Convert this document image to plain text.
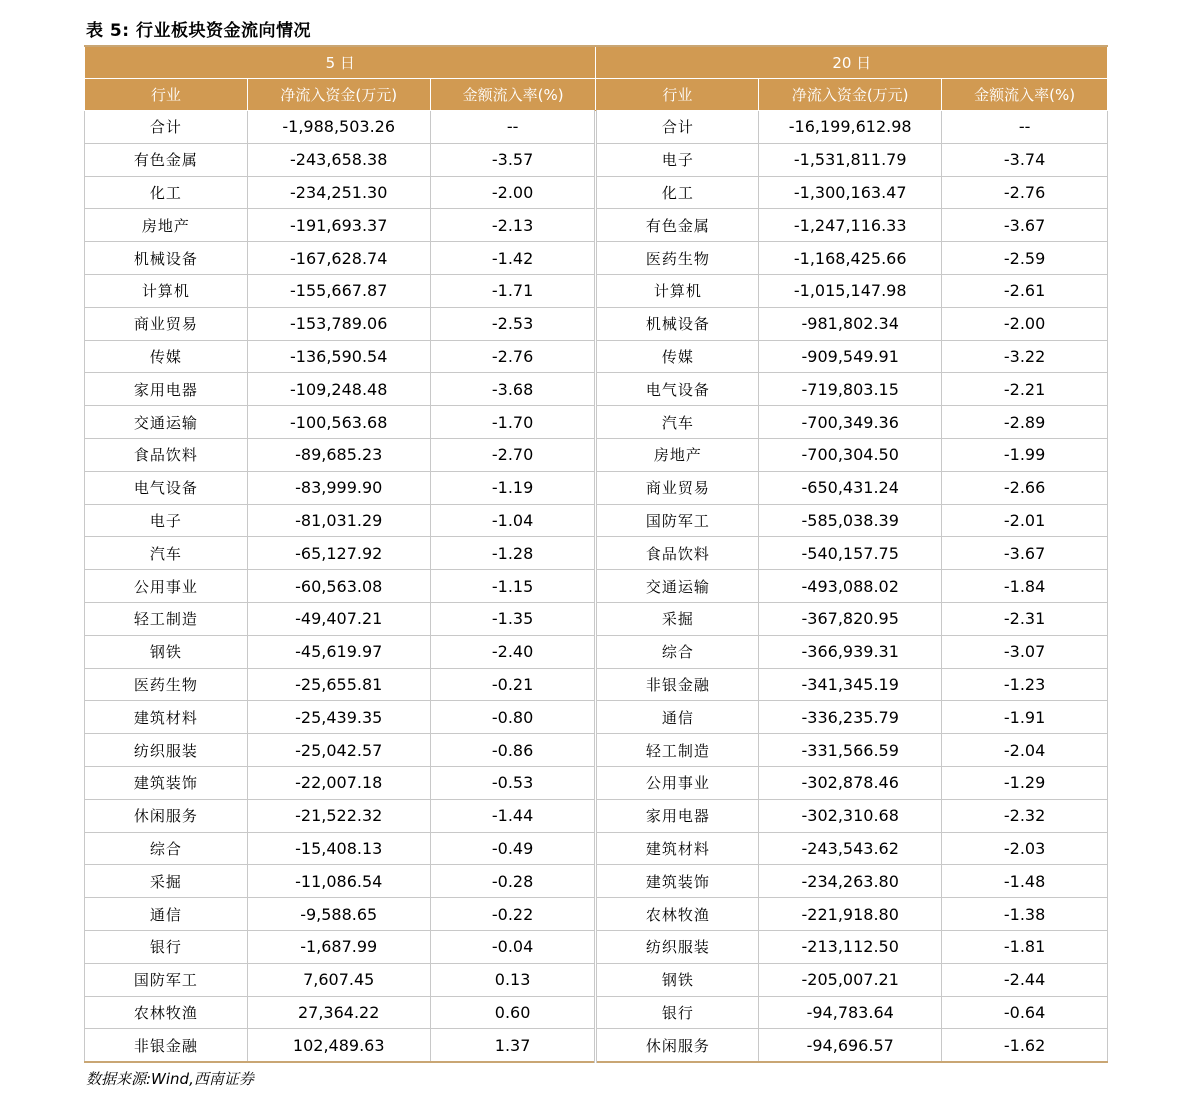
表 5: 行业板块资金流向情况
5 日			20 日		
行业	净流入资金(万元)	金额流入率(%)	行业	净流入资金(万元)	金额流入率(%)
合计	-1,988,503.26	--	合计	-16,199,612.98	--
有色金属	-243,658.38	-3.57	电子	-1,531,811.79	-3.74
化工	-234,251.30	-2.00	化工	-1,300,163.47	-2.76
房地产	-191,693.37	-2.13	有色金属	-1,247,116.33	-3.67
机械设备	-167,628.74	-1.42	医药生物	-1,168,425.66	-2.59
计算机	-155,667.87	-1.71	计算机	-1,015,147.98	-2.61
商业贸易	-153,789.06	-2.53	机械设备	-981,802.34	-2.00
传媒	-136,590.54	-2.76	传媒	-909,549.91	-3.22
家用电器	-109,248.48	-3.68	电气设备	-719,803.15	-2.21
交通运输	-100,563.68	-1.70	汽车	-700,349.36	-2.89
食品饮料	-89,685.23	-2.70	房地产	-700,304.50	-1.99
电气设备	-83,999.90	-1.19	商业贸易	-650,431.24	-2.66
电子	-81,031.29	-1.04	国防军工	-585,038.39	-2.01
汽车	-65,127.92	-1.28	食品饮料	-540,157.75	-3.67
公用事业	-60,563.08	-1.15	交通运输	-493,088.02	-1.84
轻工制造	-49,407.21	-1.35	采掘	-367,820.95	-2.31
钢铁	-45,619.97	-2.40	综合	-366,939.31	-3.07
医药生物	-25,655.81	-0.21	非银金融	-341,345.19	-1.23
建筑材料	-25,439.35	-0.80	通信	-336,235.79	-1.91
纺织服装	-25,042.57	-0.86	轻工制造	-331,566.59	-2.04
建筑装饰	-22,007.18	-0.53	公用事业	-302,878.46	-1.29
休闲服务	-21,522.32	-1.44	家用电器	-302,310.68	-2.32
综合	-15,408.13	-0.49	建筑材料	-243,543.62	-2.03
采掘	-11,086.54	-0.28	建筑装饰	-234,263.80	-1.48
通信	-9,588.65	-0.22	农林牧渔	-221,918.80	-1.38
银行	-1,687.99	-0.04	纺织服装	-213,112.50	-1.81
国防军工	7,607.45	0.13	钢铁	-205,007.21	-2.44
农林牧渔	27,364.22	0.60	银行	-94,783.64	-0.64
非银金融	102,489.63	1.37	休闲服务	-94,696.57	-1.62
数据来源:Wind,西南证券
